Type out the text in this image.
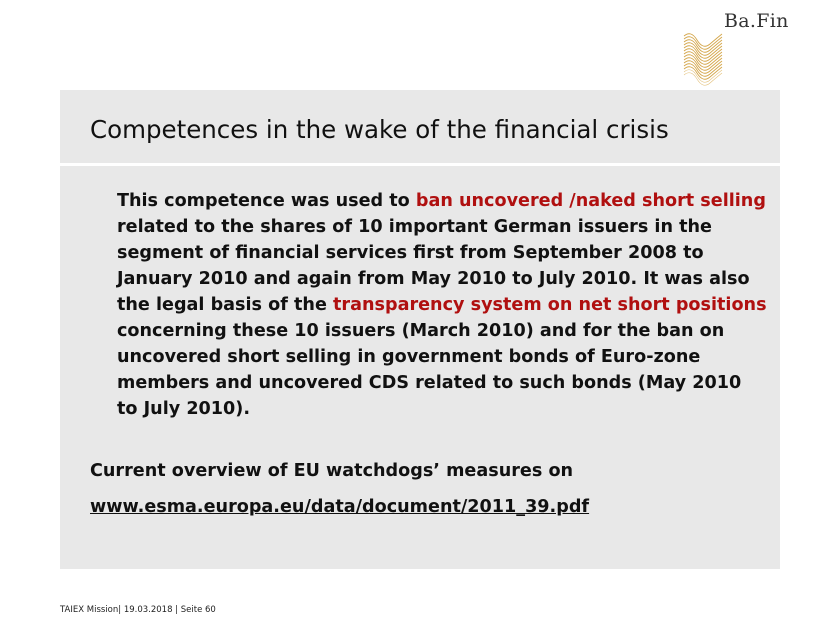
Ba.Fin
Competences in the wake of the financial crisis

This competence was used to ban uncovered /naked short selling related to the shares of 10 important German issuers in the segment of financial services first from September 2008 to January 2010 and again from May 2010 to July 2010. It was also the legal basis of the transparency system on net short positions concerning these 10 issuers (March 2010) and for the ban on uncovered short selling in government bonds of Euro-zone members and uncovered CDS related to such bonds (May 2010 to July 2010).

Current overview of EU watchdogs’ measures on
www.esma.europa.eu/data/document/2011_39.pdf
TAIEX Mission| 19.03.2018 | Seite 60
